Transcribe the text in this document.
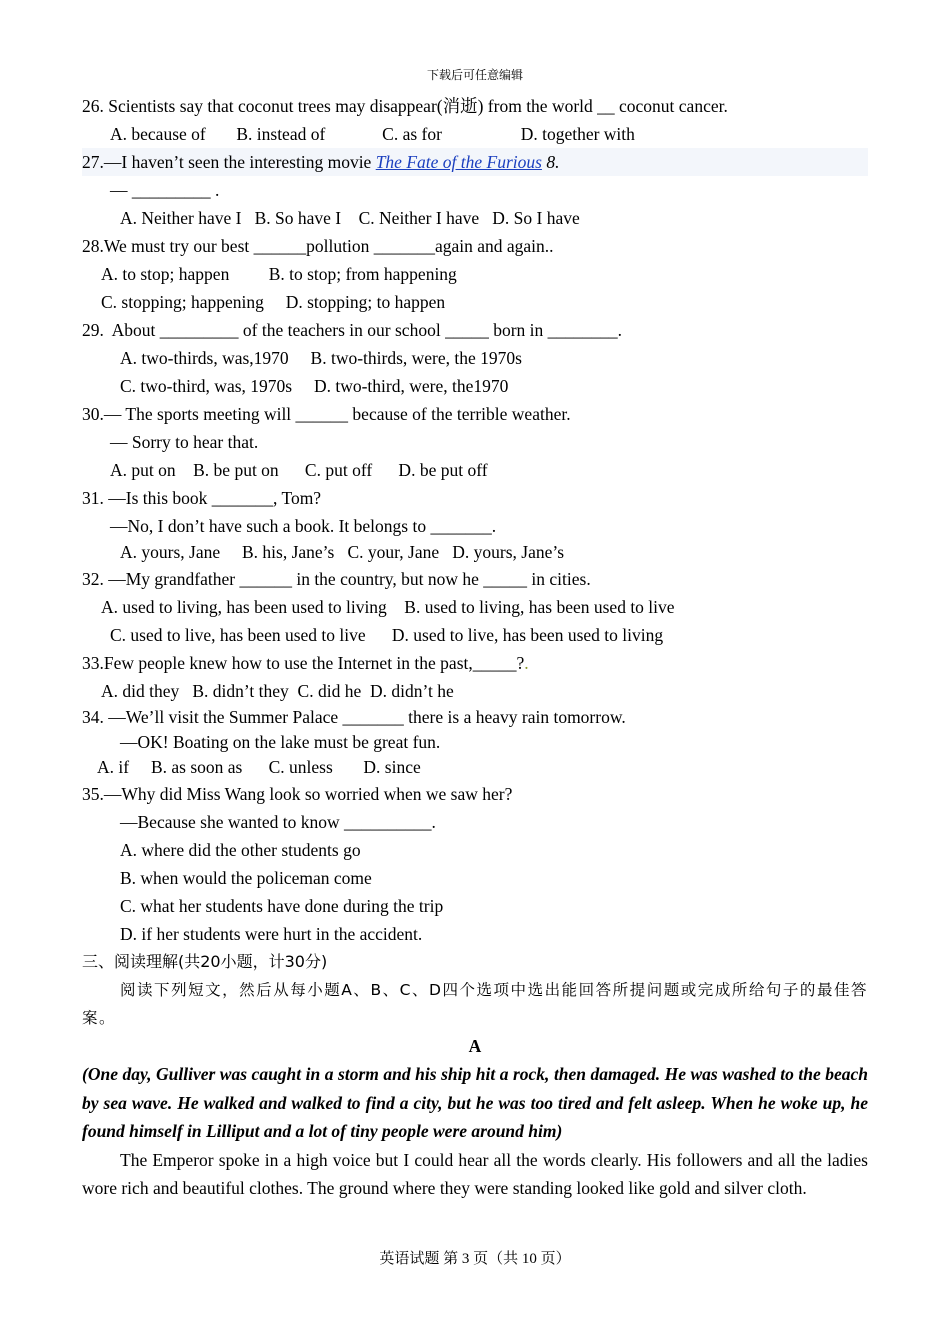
下载后可任意编辑
26. Scientists say that coconut trees may disappear(消逝) from the world __ coconut cancer.
A. because of       B. instead of             C. as for                  D. together with
27.—I haven’t seen the interesting movie The Fate of the Furious 8.
— _________ .
A. Neither have I   B. So have I    C. Neither I have   D. So I have
28.We must try our best ______pollution _______again and again..
A. to stop; happen         B. to stop; from happening
C. stopping; happening     D. stopping; to happen
29.  About _________ of the teachers in our school _____ born in ________.
A. two-thirds, was,1970     B. two-thirds, were, the 1970s
C. two-third, was, 1970s     D. two-third, were, the1970
30.— The sports meeting will ______ because of the terrible weather.
— Sorry to hear that.
A. put on    B. be put on      C. put off      D. be put off
31. —Is this book _______, Tom?
—No, I don’t have such a book. It belongs to _______.
A. yours, Jane     B. his, Jane’s   C. your, Jane   D. yours, Jane’s
32. —My grandfather ______ in the country, but now he _____ in cities.
A. used to living, has been used to living    B. used to living, has been used to live
C. used to live, has been used to live      D. used to live, has been used to living
33.Few people knew how to use the Internet in the past,_____?.
A. did they   B. didn’t they  C. did he  D. didn’t he
34. —We’ll visit the Summer Palace _______ there is a heavy rain tomorrow.
—OK! Boating on the lake must be great fun.
A. if     B. as soon as      C. unless       D. since
35.—Why did Miss Wang look so worried when we saw her?
—Because she wanted to know __________.
A. where did the other students go
B. when would the policeman come
C. what her students have done during the trip
D. if her students were hurt in the accident.
三、阅读理解(共20小题，计30分)
阅读下列短文，然后从每小题A、B、C、D四个选项中选出能回答所提问题或完成所给句子的最佳答案。
A
(One day, Gulliver was caught in a storm and his ship hit a rock, then damaged. He was washed to the beach by sea wave. He walked and walked to find a city, but he was too tired and felt asleep. When he woke up, he found himself in Lilliput and a lot of tiny people were around him)
The Emperor spoke in a high voice but I could hear all the words clearly. His followers and all the ladies wore rich and beautiful clothes. The ground where they were standing looked like gold and silver cloth.
英语试题 第 3 页（共 10 页）
